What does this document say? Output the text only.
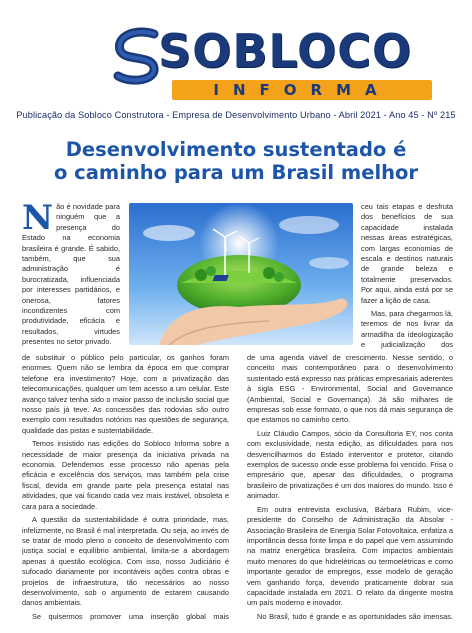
SOBLOCO
INFORMA
Publicação da Sobloco Construtora - Empresa de Desenvolvimento Urbano - Abril 2021 - Ano 45 - Nº 215
Desenvolvimento sustentado é
o caminho para um Brasil melhor

Não é novidade para ninguém que a presença do Estado na economia brasileira é grande. É sabido, também, que sua administração é burocratizada, influenciada por interesses partidários, e onerosa, fatores incondizentes com produtividade, eficácia e resultados, virtudes presentes no setor privado.

ceu tais etapas e desfruta dos benefícios de sua capacidade instalada nessas áreas estratégicas, com largas economias de escala e destinos naturais de grande beleza e totalmente preservados. Por aqui, ainda está por se fazer a lição de casa.

Mas, para chegarmos lá, teremos de nos livrar da armadilha da ideologização e judicialização dos

de substituir o público pelo particular, os ganhos foram enormes. Quem não se lembra da época em que comprar telefone era investimento? Hoje, com a privatização das telecomunicações, qualquer um tem acesso a um celular. Este avanço talvez tenha sido o maior passo de inclusão social que nosso país já teve. As concessões das rodovias são outro exemplo com resultados notórios nas questões de segurança, qualidade das pistas e sustentabilidade.

Temos insistido nas edições do Sobloco Informa sobre a necessidade de maior presença da iniciativa privada na economia. Defendemos esse processo não apenas pela eficácia e excelência dos serviços, mas também pela crise fiscal, devida em grande parte pela presença estatal nas atividades, que vai ficando cada vez mais instável, obsoleta e cara para a sociedade.

A questão da sustentabilidade é outra prioridade, mas, infelizmente, no Brasil é mal interpretada. Ou seja, ao invés de se tratar de modo pleno o conceito de desenvolvimento com justiça social e equilíbrio ambiental, limita-se a abordagem apenas à questão ecológica. Com isso, nosso Judiciário é sufocado diariamente por incontáveis ações contra obras e projetos de infraestrutura, tão necessários ao nosso desenvolvimento, sob o argumento de estarem causando danos ambientais.

Se quisermos promover uma inserção global mais

de uma agenda viável de crescimento. Nesse sentido, o conceito mais contemporâneo para o desenvolvimento sustentado está expresso nas práticas empresariais aderentes à sigla ESG - Environmental, Social and Governance (Ambiental, Social e Governança). Já são milhares de empresas sob esse formato, o que nos dá mais segurança de que estamos no caminho certo.

Luiz Cláudio Campos, sócio da Consultoria EY, nos conta com exclusividade, nesta edição, as dificuldades para nos desvencilharmos do Estado interventor e protetor, citando exemplos de sucesso onde esse problema foi vencido. Frisa o empresário que, apesar das dificuldades, o programa brasileiro de privatizações é um dos maiores do mundo. Isso é animador.

Em outra entrevista exclusiva, Bárbara Rubim, vice-presidente do Conselho de Administração da Absolar - Associação Brasileira de Energia Solar Fotovoltaica, enfatiza a importância dessa fonte limpa e do papel que vem assumindo na matriz energética brasileira. Com impactos ambientais muito menores do que hidrelétricas ou termoelétricas e como importante gerador de empregos, esse modelo de geração vem ganhando força, devendo praticamente dobrar sua capacidade instalada em 2021. O relato da dirigente mostra um país moderno e inovador.

No Brasil, tudo é grande e as oportunidades são imensas.
